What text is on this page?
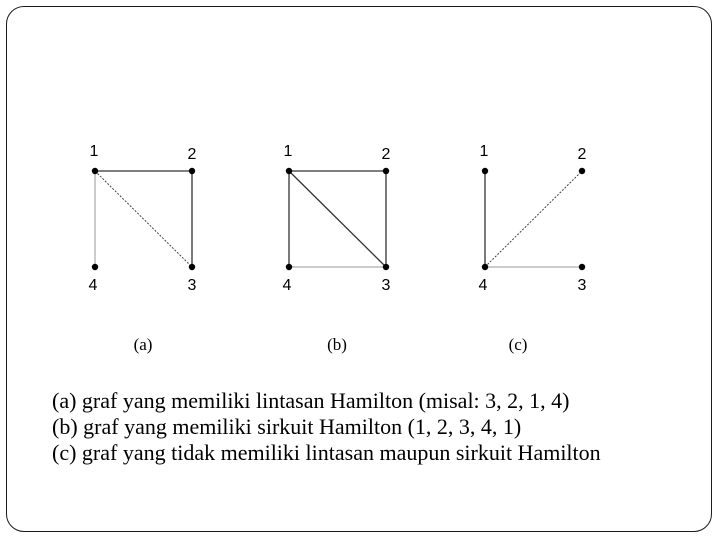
1	2
3
4
(a)
1	2
3
4
(b)
1	2
3
4
(c)
(a) graf yang memiliki lintasan Hamilton (misal: 3, 2, 1, 4)
(b) graf yang memiliki sirkuit Hamilton (1, 2, 3, 4, 1)
(c) graf yang tidak memiliki lintasan maupun sirkuit Hamilton
